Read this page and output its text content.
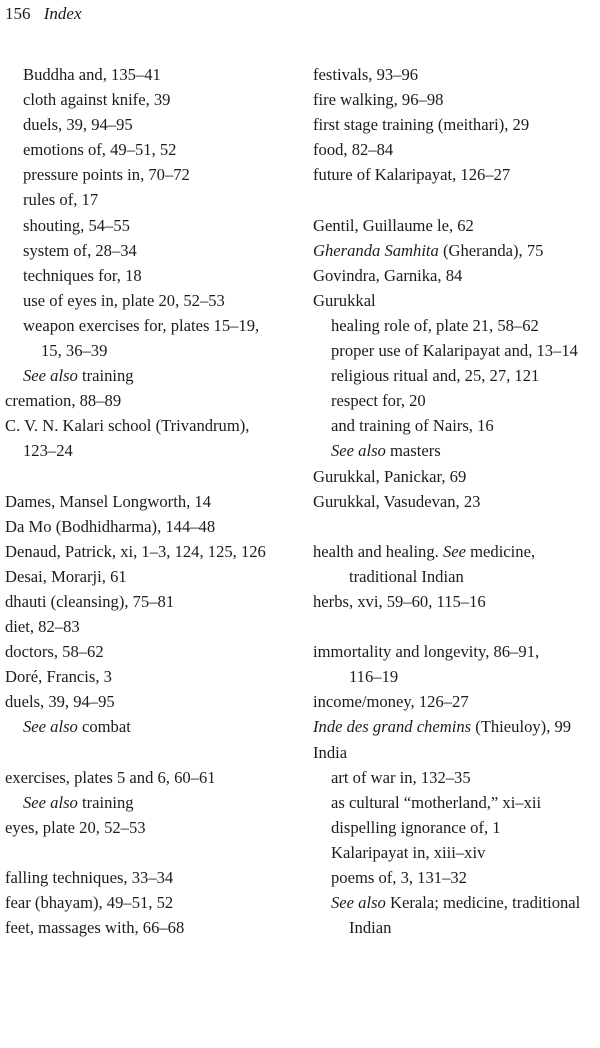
156 Index
Buddha and, 135–41
cloth against knife, 39
duels, 39, 94–95
emotions of, 49–51, 52
pressure points in, 70–72
rules of, 17
shouting, 54–55
system of, 28–34
techniques for, 18
use of eyes in, plate 20, 52–53
weapon exercises for, plates 15–19,
15, 36–39
See also training
cremation, 88–89
C. V. N. Kalari school (Trivandrum),
123–24
Dames, Mansel Longworth, 14
Da Mo (Bodhidharma), 144–48
Denaud, Patrick, xi, 1–3, 124, 125, 126
Desai, Morarji, 61
dhauti (cleansing), 75–81
diet, 82–83
doctors, 58–62
Doré, Francis, 3
duels, 39, 94–95
See also combat
exercises, plates 5 and 6, 60–61
See also training
eyes, plate 20, 52–53
falling techniques, 33–34
fear (bhayam), 49–51, 52
feet, massages with, 66–68
festivals, 93–96
fire walking, 96–98
first stage training (meithari), 29
food, 82–84
future of Kalaripayat, 126–27
Gentil, Guillaume le, 62
Gheranda Samhita (Gheranda), 75
Govindra, Garnika, 84
Gurukkal
healing role of, plate 21, 58–62
proper use of Kalaripayat and, 13–14
religious ritual and, 25, 27, 121
respect for, 20
and training of Nairs, 16
See also masters
Gurukkal, Panickar, 69
Gurukkal, Vasudevan, 23
health and healing. See medicine,
traditional Indian
herbs, xvi, 59–60, 115–16
immortality and longevity, 86–91,
116–19
income/money, 126–27
Inde des grand chemins (Thieuloy), 99
India
art of war in, 132–35
as cultural “motherland,” xi–xii
dispelling ignorance of, 1
Kalaripayat in, xiii–xiv
poems of, 3, 131–32
See also Kerala; medicine, traditional
Indian
